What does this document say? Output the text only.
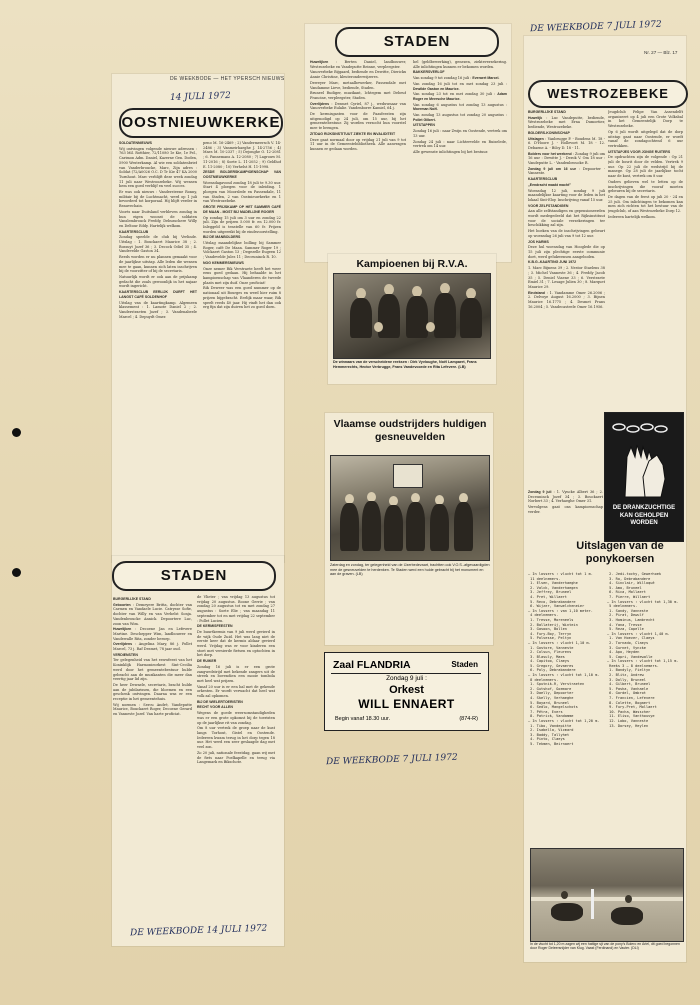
DE WEEKBODE — HET YPERSCH NIEUWS
14 JULI 1972
OOSTNIEUWKERKE

SOLDATENNIEUWS

Wij ontvingen volgende nieuwe adressen : 763 Mil. Rotthier, 72/11080 1e Kie, 1e Pel., Carimon Adm. Daniel, Kazerne Gen. Doden, 5900 Westerkamp. Al wie een soldatenbrief van Vanderbroucke, Marc, Zijn adres : Soldat (72/A0026 O.C. D Tr Kie 47 KA 2000 Turnhout. Marc verblijft deze week zondag 11 juli naar Westroozebeke. Wij wensen hem een goed verblijf en veel succes.

Er was ook nieuws : Vandersteene Ronny, militair bij de Luchtmacht, werd op 1 juli bevorderd tot korporaal. Hij blijft verder in Beauvechain.

Voorts naar Duitsland verbleven zondag in hun eigen woonst de soldaten Vanslembrouck Freddy, Debusschere Willy en Deltour Eddy. Hartelijk welkom.

KAARTERSCLUB

Zondag speelde de club bij Verlinde. Uitslag : 1. Bouckaert Maurice 38 ; 2. Bossuyt Jozef 36 ; 3. Decock Odiel 35 ; 4. Vandevelde Gaston 34.

Reeds worden er nu plannen gemaakt voor de jaarlijkse uitstap. Alle leden die wensen mee te gaan, kunnen zich laten inschrijven bij de voorzitter of bij de secretaris.

Natuurlijk wordt er ook aan de prijskamp gedacht die zoals gewoonlijk in het najaar wordt ingericht.

KAARTERSCLUB EERLIJK DURFT HET LANGST CAFÉ SOLDENHOF

Uitslag van de kaartingkamp. Algemeen klassement : 1. Lamote Daniel 2 ; 2. Vanderstraeten Jozef ; 3. Vandenabeele Marcel ; 4. Depuydt Omer.

peno M. 16-2469 ; 2) Vandermeersch V. 14-2486 ; 3) Vanmeirhaeghe J. 14-2756 ; 4) Maes M. 10-2337 ; 5) Dejonghe O. 12-2081 ; 6. Pannemans A. 12-2080 ; 7) Lagrouw M. 11-2016 ; 8) Soete L. 11-2052 ; 9) Geldhof E. 11-2080 ; 10) Verhelst H. 11-1998.

ZESDE BOLDERSKAMPIOENSCHAP VAN OOSTNIEUWKERKE

Woensdagavond zondag 18 juli te 9.30 uur. Start 4 ploegen voor de inleiding. 1 ploegen van Moorslede en Passendale, 11 van Staden, 2 van Oostnieuwkerke en 1 van Westrozebeke.

GROTE PRIJSKAMP OP HET SAMMER CAFÉ DE MAAN - MOST BIJ MADELIJNE ROGER

Op zondag 15 juli om 3 uur en zondag 22 juli. Zijn de prijzen 5.000 fr. en 12.000 fr. Inleggeld is tenstelle van 60 fr. Prijzen worden uitgereikt bij de eindsvoorstelling.

BIJ DE MANBOLDERS

Uitslag maandelijkse bolling bij Sammer Roger, café De Maan. Sammer Roger 19 ; Volckaert Gaston 13 ; Degezelle Eugeen 12 ; Vandevelde Jules 11 ; Deceuninck R. 10.

NOG KEMMERSNIEUWS

Onze nemer Rik Verstraete heeft het weer eens goed gedaan. Hij behaalde in het kampioenschap van Vlaanderen de tweede plaats met zijn duif. Onze proficiat!

Rik Deweer was een goed nummer op de nationaal uit Bourges en werd hier ruim 8 prijzen bijgebracht. Eerlijk maar waar, Rik speelt reeds 40 jaar. Hij vindt het dan ook erg fijn dat zijn duiven het zo goed doen.

STADEN

BURGERLIJKE STAND

Geboorten : Demeyere Britta, dochter van Carmen en Vandaele Lucie. Catrysse Sofie, dochter van Willy en van Verhelst Sonja. Vandenbroucke Annick. Depoortere Luc, zoon van Wim.

Huwelijken : Decoene Jan en Lefevere Martine. Deschepper Wim, landbouwer en Vandewalle Rita, zonder beroep.

Overlijdens : Angelina Mary, 86 j. Pollet Marcel, 73 j. Raf Desmet, 78 jaar oud.

VERDIENSTEN

Ter gelegenheid van het eeuwfeest van het Koninklijk Harmonieorkest Sint-Cecilia werd door het gemeentebestuur hulde gebracht aan de muzikanten die meer dan veertig jaar lid zijn.

De heer Dewaele, secretaris, bracht hulde aan de jubilarissen, die bloemen en een geschenk ontvingen. Daarna was er een receptie in het gemeentehuis.

Wij noemen : Sercu André, Vandeputte Maurice, Bouckaert Roger, Decoene Gerard en Vanneste Jozef. Van harte proficiat.

de Vlieter ; van vrijdag 13 augustus tot vrijdag 20 augustus. Boone Gerrie ; van zondag 20 augustus tot en met zondag 27 augustus : Soete Elie ; van maandag 11 september tot en met vrijdag 22 september : Pollet Lucien.

DE KERMISFEESTEN

De buurtkermis van 9 juli werd gevierd in de wijk Oude Zuid. Het was lang niet de eerste keer dat de kermis aldaar gevierd werd. Vrijdag was er voor kinderen een stoet met versierde fietsen en optochten in het dorp.

DE RUIKER

Zondag 16 juli is er een grote zangwedstrijd met bekende zangers uit de streek en bovendien een mooie tombola met heel wat prijzen.

Vanaf 20 uur is er een bal met de gekende orkesten. Er wordt verwacht dat heel wat volk zal opkomen.

BIJ DE WIELERTOERISTEN

RECHT VOOR ALLEN

Wegens de goede weersomstandigheden was er een grote opkomst bij de toeristen op de jaarlijkse rit van zondag.

Om 8 uur vertrok de groep naar de kust langs Torhout, Gistel en Oostende. Iedereen kwam terug in het dorp tegen 18 uur. Het werd een zeer geslaagde dag met veel zon.

Zo 20 juli, nationale feestdag, gaan wij met de fiets naar Poelkapelle en terug via Langemark en Bikschote.

DE WEEKBODE 14 JULI 1972
STADEN

Huwelijken : Berten Daniel, landbouwer, Westrozebeke en Vandeputte Reinne, verpleegster.

Vanoverbeke Bijgaard, bediende en Dewitte, Dierickx Annie Christine, kleuteronderwijzeres.

Deweyer Marc, metaalbewerker, Passendale met Vandamme Lieve, bediende, Staden.

Bruneel Rudiger, muzikant, Ichtegem met Debeuf Francine, verpleegster, Staden.

Overlijdens : Desmet Cyriel, 87 j., weduwnaar van Vanoverbeke Eulalie. Vandenborre Kamiel, 64 j.

De kermisgasten voor de Paasfeesten zijn uitgenodigd op 24 juli, om 15 uur, bij het gemeentebestuur. Zij worden verzocht hun voorstel mee te brengen.

ZITDAG RIJKSINSTITUUT ZIEKTE EN INVALIDITEIT

Deze gaat normaal door op vrijdag 21 juli van 9 tot 11 uur in de Gemeentebibliotheek. Alle aanvragen kunnen er gedaan worden.

hel (geldbewerking), genezen, ziekteverzekering. Alle inlichtingen kunnen er bekomen worden.

BAKKERSVERLOF

Van zondag 9 tot zondag 16 juli : Everaert Marcel.

Van zondag 16 juli tot en met zondag 23 juli : Dewilde Gaston en Maurice.

Van zondag 23 tot en met zondag 30 juli : Adam Roger en Meersche Maurice.

Van zondag 6 augustus tot zondag 13 augustus : Moerman Noël.

Van zondag 13 augustus tot zondag 20 augustus : Pollet Gilbert.

UITSTAPPEN

Zondag 16 juli : naar Zwijn en Oostende, vertrek om 13 uur.

Zondag 24 juli : naar Lichtervelde en Ruiselede, vertrek om 14 uur.

Alle gewenste inlichtingen bij het bestuur.

Kampioenen bij R.V.A.
De winnaars van de verscheidene reeksen : Dirk Vyvloughe, Noël Lampaert, Frans Hemmerechts, Hector Verbrugge, Frans Vandevoorde en Rita Lefevere. (LB)
Vlaamse oudstrijders huldigen gesneuvelden
Zaterdag en zondag, ter gelegenheid van de IJzerbedevaart, trachtten ook V.O.S.-afgevaardigden mee de gesneuvelden te herdenken. Te Staden werd een hulde gebracht bij het monument en aan de graven. (LB)
Zaal FLANDRIA	Staden
Zondag 9 juli :
Orkest
WILL ENNAERT
Begin vanaf 18.30 uur.	(874-R)
DE WEEKBODE 7 JULI 1972
DE WEEKBODE 7 JULI 1972
Nr. 27 — Blz. 17
WESTROZEBEKE

BURGERLIJKE STAND

Huwelijk : Luc Vandeputte, bediende, Westrozebeke met Erna Dumortier, bediende, Westrozebeke.

BOLDERS-KONINSCHAP

Uitslagen : Vanbrugge P. - Boudens M. 18 - 6. D'Hoore J. - Hollevoet M. 18 - 12. Debaene A. - Bilcy D. 18 - 11.

Bolders voor het weekend : Zondag 9 juli om 16 uur : Dewitte J. - Derok V. Om 18 uur : Vandeputte L. - Vandenbroucke R.

Zondag 9 juli om 16 uur : Depoorter - Vanneste.

KAARTERSCLUB

„Eendracht maakt macht”

Woensdag 12 juli, zondag 9 juli maandelijkse kaarting voor de leden in het lokaal Sint-Eloy. Inschrijving vanaf 15 uur.

VOOR ZELFSTANDIGEN

Aan alle zelfstandigen en gepensioneerden wordt medegedeeld dat het Rijksinstituut voor de sociale verzekeringen ter beschikking zal zijn.

Het boeken van de inschrijvingen gebeurt op woensdag 26 juli van 9 tot 12 uur.

JOS HARMS

Deze hul woensdag van Hooglede die op 15 juli zijn plechtige eerste communie doet, werd gelukwensen aangeboden.

K.B.G.-KAARTING JUNI 1972

1. Marc Bijnens 39 ; 2. Nestor Staelens 38 ; 3. Michel Vanneste 36 ; 4. Freddy Jacob 35 ; 5. Deniel Viaene 33 ; 6. Verstraete Emiel 31 ; 7. Lesage Julien 30 ; 8. Marquet Maurice 29.

Eindstand : 1. Vandamme Omer 26.2006 ; 2. Delvoye August 16.2000 ; 3. Bijnen Maurice 16.1775 ; 4. Desmet Frans 16.2004 ; 5. Vandecasteele Omer 16.1956.

Jeugdclub Felipe Van Assendelft organiseert op 4 juli een Grote Volksbal in het Gemeentelijk Dorp te Westrozebeke.

Op 6 juli wordt uitgelegd dat de dorp uitstap gaat naar Oostende, er wordt vanaf de zondagochtend 6 uur vertrokken.

UITSTAPJES VOOR JONGE RUITERS

De opdrachten zijn de volgende : Op 21 juli de bosrit door de velden. Vertrek 9 uur. Op 22 juli de wedstrijd bij de manege. Op 28 juli de jaarlijkse tocht naar de kust, vertrek om 8 uur.

Ouders gelieven wel te letten op de inschrijvingen die vooraf moeten gebeuren bij de secretaris.

De dagen van de feest op juli 20 - 24 en 25 juli. Om inlichtingen te bekomen kan men zich richten tot het bestuur van de jeugdclub, of aan Westrozebeke Dorp 12.

Iedereen hartelijk welkom.

DE DRANKZUCHTIGE KAN GEHOLPEN WORDEN

Zondag 9 juli : 1. Vyncke Albert 36 ; 2. Deceuninck Jozef 34 ; 3. Bouckaert Norbert 33 ; 4. Verhaeghe Omer 31.

Vervolgens gaat ons kampioenschap verder.

Uitslagen van de ponykoersen
— In lossers : vlucht tot 1 m.
11 deelnemers.
1. Elsen, Vanderhaeghe
2. Valck, Vanderhaegen
3. Jeffrey, Bruneel
4. Pret, Willaert
5. Reco, Debrabandere
6. Wijzer, Vanwelcheneier
— In lossers : van 1,10 meter.
4 deelnemers.
1. Tresse, Moreneels
2. Ballaterij, Wintein
3. Gasoon, Bollen
4. Fury-Boy, Terryn
5. Polvesse, Peltyn
— In lossers : vlucht 1,10 m.
1. Gostore, Vanneste
2. Colsun, Fleurens
3. Blasuly, Maes
4. Capitoo, Claeys
5. Gregory, Gevaeres
6. Poly, Debrabandere
— In lossers : vlucht tot 1,10 m.
8 deelnemers.
1. Sputnik-R, Verstraeten
2. Gutshof, Goemare
3. Daelly, Depoorter
4. Skelly, Verhaeghe
5. Bayard, Bruneel
6. Sedlo, Mangelschots
7. Pétra, Evers
8. Patrick, Vandamme
— In lossers : vlucht tot 1,20 m.
1. Tibo, Vandepitte
2. Isabella, Vicmard
3. Baddy, Tallyhet
4. Pinto, Claeys
5. Tekmen, Beirnaert
2. Jedi-tochy, Gewerhoek
3. Ro, Debrabandere
4. Sinclair, Willoqué
5. Amo, Bruneel
6. Rica, Mollaert
7. Pierre, Willaert
— In lossers : vlucht tot 1,30 m.
5 deelnemers.
1. Sandy, Vanneste
2. Pirat, Dewulf
3. Hominus, Lambrecht
4. Yana, Tresse
5. Reza, Capelle
— In lossers : vlucht 1,40 m.
1. Van Hoever, Claeys
2. Tornado, Claeys
3. Gurnet, Vyncke
4. Apo, Heyden
5. Capri, Vandewalle
— In lossers : vlucht tot 1,15 m.
Reeks 3 — 8 deelnemers.
1. Bandyly, Fieltyn
2. Blitz, Andrew
3. Dolly, Bruneel
4. Gilbert, Bruneel
5. Pasha, Vanhaele
6. Gordel, Ombrot
7. Francien, Lefevere
8. Colette, Bogaert
9. Fury-Pret, Mollaert
10. Pacha, Wasscher
11. Eliso, Vanthouvye
12. Lobo, Vanneste
13. Dorsey, Heylen
In de vlucht tot 1,20 m zagen wij een hattige sjt van de pony’s Bolero en Ariel, dit goed begonnen door Roger Deleersnijder van Klug. Vaast (Ferdinand) en Vauter. (DLI)
